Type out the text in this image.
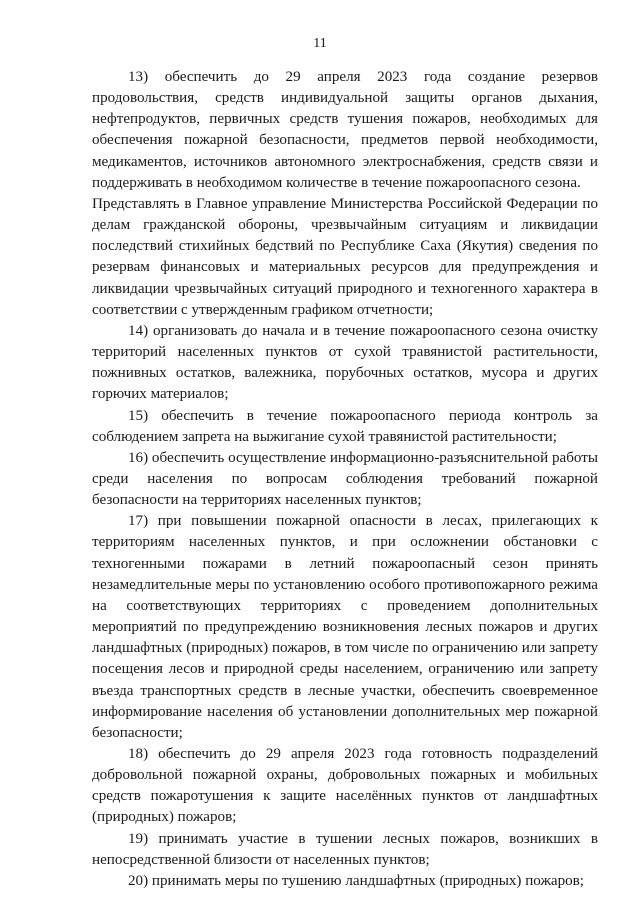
11

13) обеспечить до 29 апреля 2023 года создание резервов продовольствия, средств индивидуальной защиты органов дыхания, нефтепродуктов, первичных средств тушения пожаров, необходимых для обеспечения пожарной безопасности, предметов первой необходимости, медикаментов, источников автономного электроснабжения, средств связи и поддерживать в необходимом количестве в течение пожароопасного сезона.

Представлять в Главное управление Министерства Российской Федерации по делам гражданской обороны, чрезвычайным ситуациям и ликвидации последствий стихийных бедствий по Республике Саха (Якутия) сведения по резервам финансовых и материальных ресурсов для предупреждения и ликвидации чрезвычайных ситуаций природного и техногенного характера в соответствии с утвержденным графиком отчетности;

14) организовать до начала и в течение пожароопасного сезона очистку территорий населенных пунктов от сухой травянистой растительности, пожнивных остатков, валежника, порубочных остатков, мусора и других горючих материалов;

15) обеспечить в течение пожароопасного периода контроль за соблюдением запрета на выжигание сухой травянистой растительности;

16) обеспечить осуществление информационно-разъяснительной работы среди населения по вопросам соблюдения требований пожарной безопасности на территориях населенных пунктов;

17) при повышении пожарной опасности в лесах, прилегающих к территориям населенных пунктов, и при осложнении обстановки с техногенными пожарами в летний пожароопасный сезон принять незамедлительные меры по установлению особого противопожарного режима на соответствующих территориях с проведением дополнительных мероприятий по предупреждению возникновения лесных пожаров и других ландшафтных (природных) пожаров, в том числе по ограничению или запрету посещения лесов и природной среды населением, ограничению или запрету въезда транспортных средств в лесные участки, обеспечить своевременное информирование населения об установлении дополнительных мер пожарной безопасности;

18) обеспечить до 29 апреля 2023 года готовность подразделений добровольной пожарной охраны, добровольных пожарных и мобильных средств пожаротушения к защите населённых пунктов от ландшафтных (природных) пожаров;

19) принимать участие в тушении лесных пожаров, возникших в непосредственной близости от населенных пунктов;

20) принимать меры по тушению ландшафтных (природных) пожаров;
